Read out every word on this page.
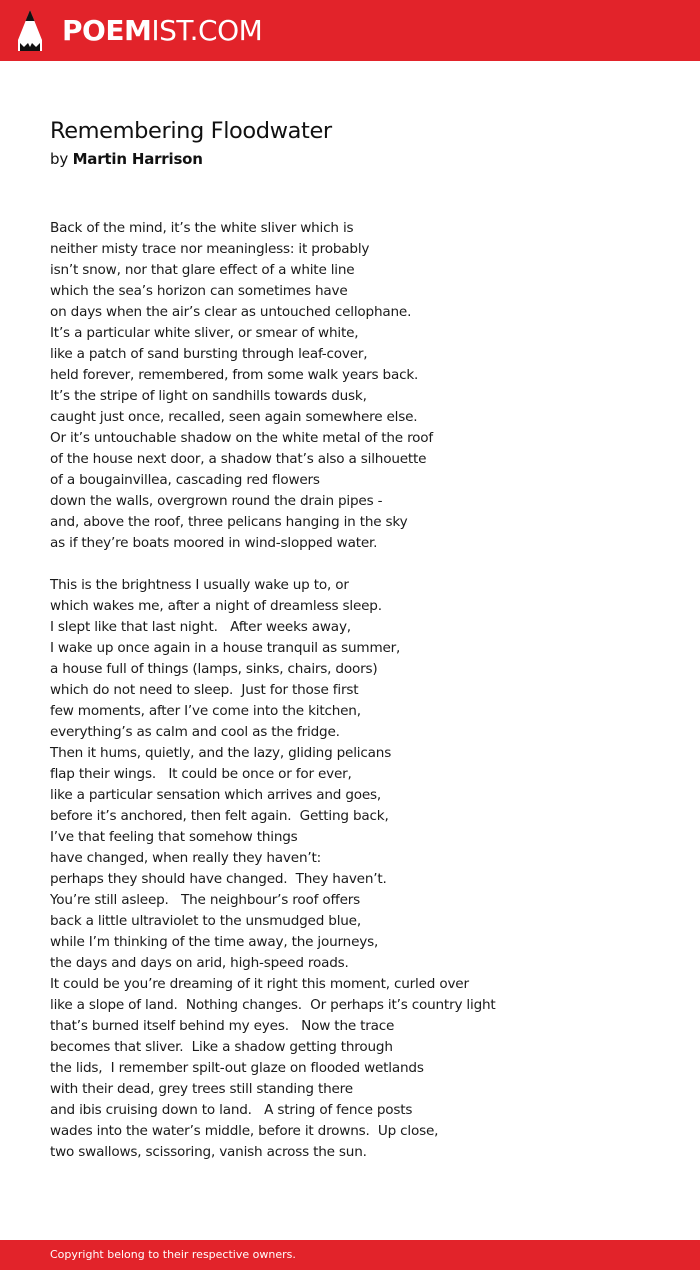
POEMIST.COM
Remembering Floodwater
by Martin Harrison
Back of the mind, it’s the white sliver which is
neither misty trace nor meaningless: it probably
isn’t snow, nor that glare effect of a white line
which the sea’s horizon can sometimes have
on days when the air’s clear as untouched cellophane.
It’s a particular white sliver, or smear of white,
like a patch of sand bursting through leaf-cover,
held forever, remembered, from some walk years back.
It’s the stripe of light on sandhills towards dusk,
caught just once, recalled, seen again somewhere else.
Or it’s untouchable shadow on the white metal of the roof
of the house next door, a shadow that’s also a silhouette
of a bougainvillea, cascading red flowers
down the walls, overgrown round the drain pipes -
and, above the roof, three pelicans hanging in the sky
as if they’re boats moored in wind-slopped water.
This is the brightness I usually wake up to, or
which wakes me, after a night of dreamless sleep.
I slept like that last night.   After weeks away,
I wake up once again in a house tranquil as summer,
a house full of things (lamps, sinks, chairs, doors)
which do not need to sleep.  Just for those first
few moments, after I’ve come into the kitchen,
everything’s as calm and cool as the fridge.
Then it hums, quietly, and the lazy, gliding pelicans
flap their wings.   It could be once or for ever,
like a particular sensation which arrives and goes,
before it’s anchored, then felt again.  Getting back,
I’ve that feeling that somehow things
have changed, when really they haven’t:
perhaps they should have changed.  They haven’t.
You’re still asleep.   The neighbour’s roof offers
back a little ultraviolet to the unsmudged blue,
while I’m thinking of the time away, the journeys,
the days and days on arid, high-speed roads.
It could be you’re dreaming of it right this moment, curled over
like a slope of land.  Nothing changes.  Or perhaps it’s country light
that’s burned itself behind my eyes.   Now the trace
becomes that sliver.  Like a shadow getting through
the lids,  I remember spilt-out glaze on flooded wetlands
with their dead, grey trees still standing there
and ibis cruising down to land.   A string of fence posts
wades into the water’s middle, before it drowns.  Up close,
two swallows, scissoring, vanish across the sun.
Copyright belong to their respective owners.
